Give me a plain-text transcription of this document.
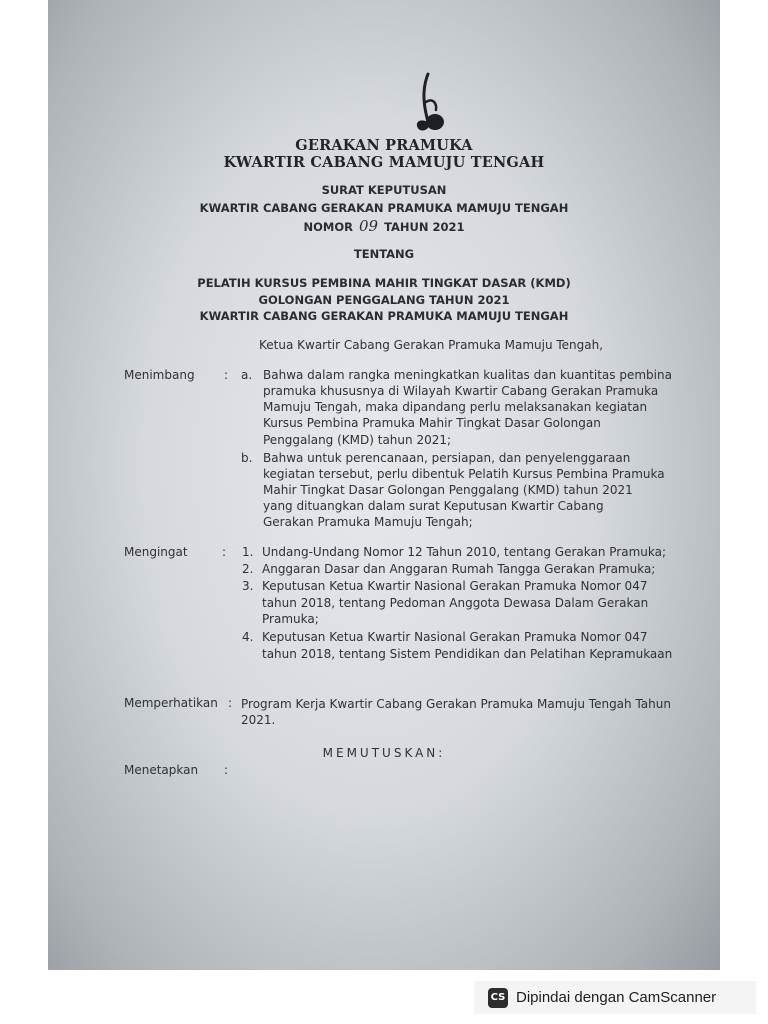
GERAKAN PRAMUKA
KWARTIR CABANG MAMUJU TENGAH
SURAT KEPUTUSAN
KWARTIR CABANG GERAKAN PRAMUKA MAMUJU TENGAH
NOMOR 09 TAHUN 2021
TENTANG
PELATIH KURSUS PEMBINA MAHIR TINGKAT DASAR (KMD)
GOLONGAN PENGGALANG TAHUN 2021
KWARTIR CABANG GERAKAN PRAMUKA MAMUJU TENGAH
Ketua Kwartir Cabang Gerakan Pramuka Mamuju Tengah,
Menimbang : a. Bahwa dalam rangka meningkatkan kualitas dan kuantitas pembina
pramuka khususnya di Wilayah Kwartir Cabang Gerakan Pramuka
Mamuju Tengah, maka dipandang perlu melaksanakan kegiatan
Kursus Pembina Pramuka Mahir Tingkat Dasar Golongan
Penggalang (KMD) tahun 2021;
b. Bahwa untuk perencanaan, persiapan, dan penyelenggaraan
kegiatan tersebut, perlu dibentuk Pelatih Kursus Pembina Pramuka
Mahir Tingkat Dasar Golongan Penggalang (KMD) tahun 2021
yang dituangkan dalam surat Keputusan Kwartir Cabang
Gerakan Pramuka Mamuju Tengah;
Mengingat	: 1. Undang-Undang Nomor 12 Tahun 2010, tentang Gerakan Pramuka;
2. Anggaran Dasar dan Anggaran Rumah Tangga Gerakan Pramuka;
3. Keputusan Ketua Kwartir Nasional Gerakan Pramuka Nomor 047
tahun 2018, tentang Pedoman Anggota Dewasa Dalam Gerakan
Pramuka;
4. Keputusan Ketua Kwartir Nasional Gerakan Pramuka Nomor 047
tahun 2018, tentang Sistem Pendidikan dan Pelatihan Kepramukaan
Memperhatikan : Program Kerja Kwartir Cabang Gerakan Pramuka Mamuju Tengah Tahun
2021.
MEMUTUSKAN:
Menetapkan :
CS Dipindai dengan CamScanner
